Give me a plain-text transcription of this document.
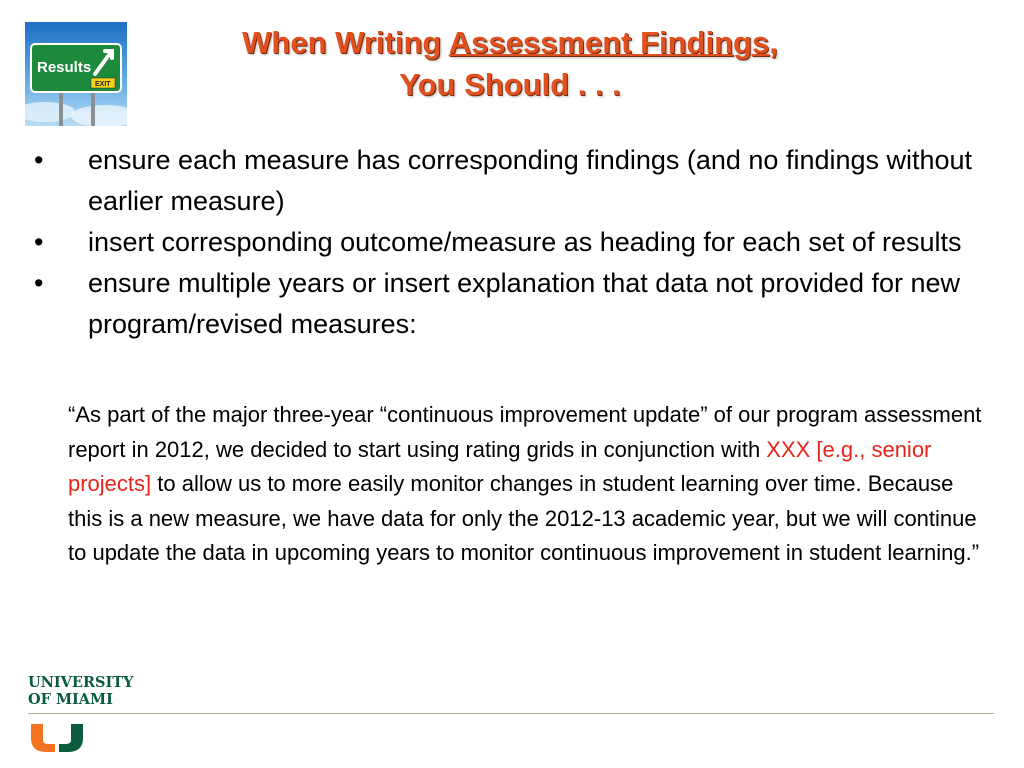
Results
EXIT
When Writing Assessment Findings,
You Should . . .
• ensure each measure has corresponding findings (and no findings without earlier measure)
• insert corresponding outcome/measure as heading for each set of results
• ensure multiple years or insert explanation that data not provided for new program/revised measures:
“As part of the major three-year “continuous improvement update” of our program assessment report in 2012, we decided to start using rating grids in conjunction with XXX [e.g., senior projects] to allow us to more easily monitor changes in student learning over time. Because this is a new measure, we have data for only the 2012-13 academic year, but we will continue to update the data in upcoming years to monitor continuous improvement in student learning.”
UNIVERSITY
OF MIAMI
